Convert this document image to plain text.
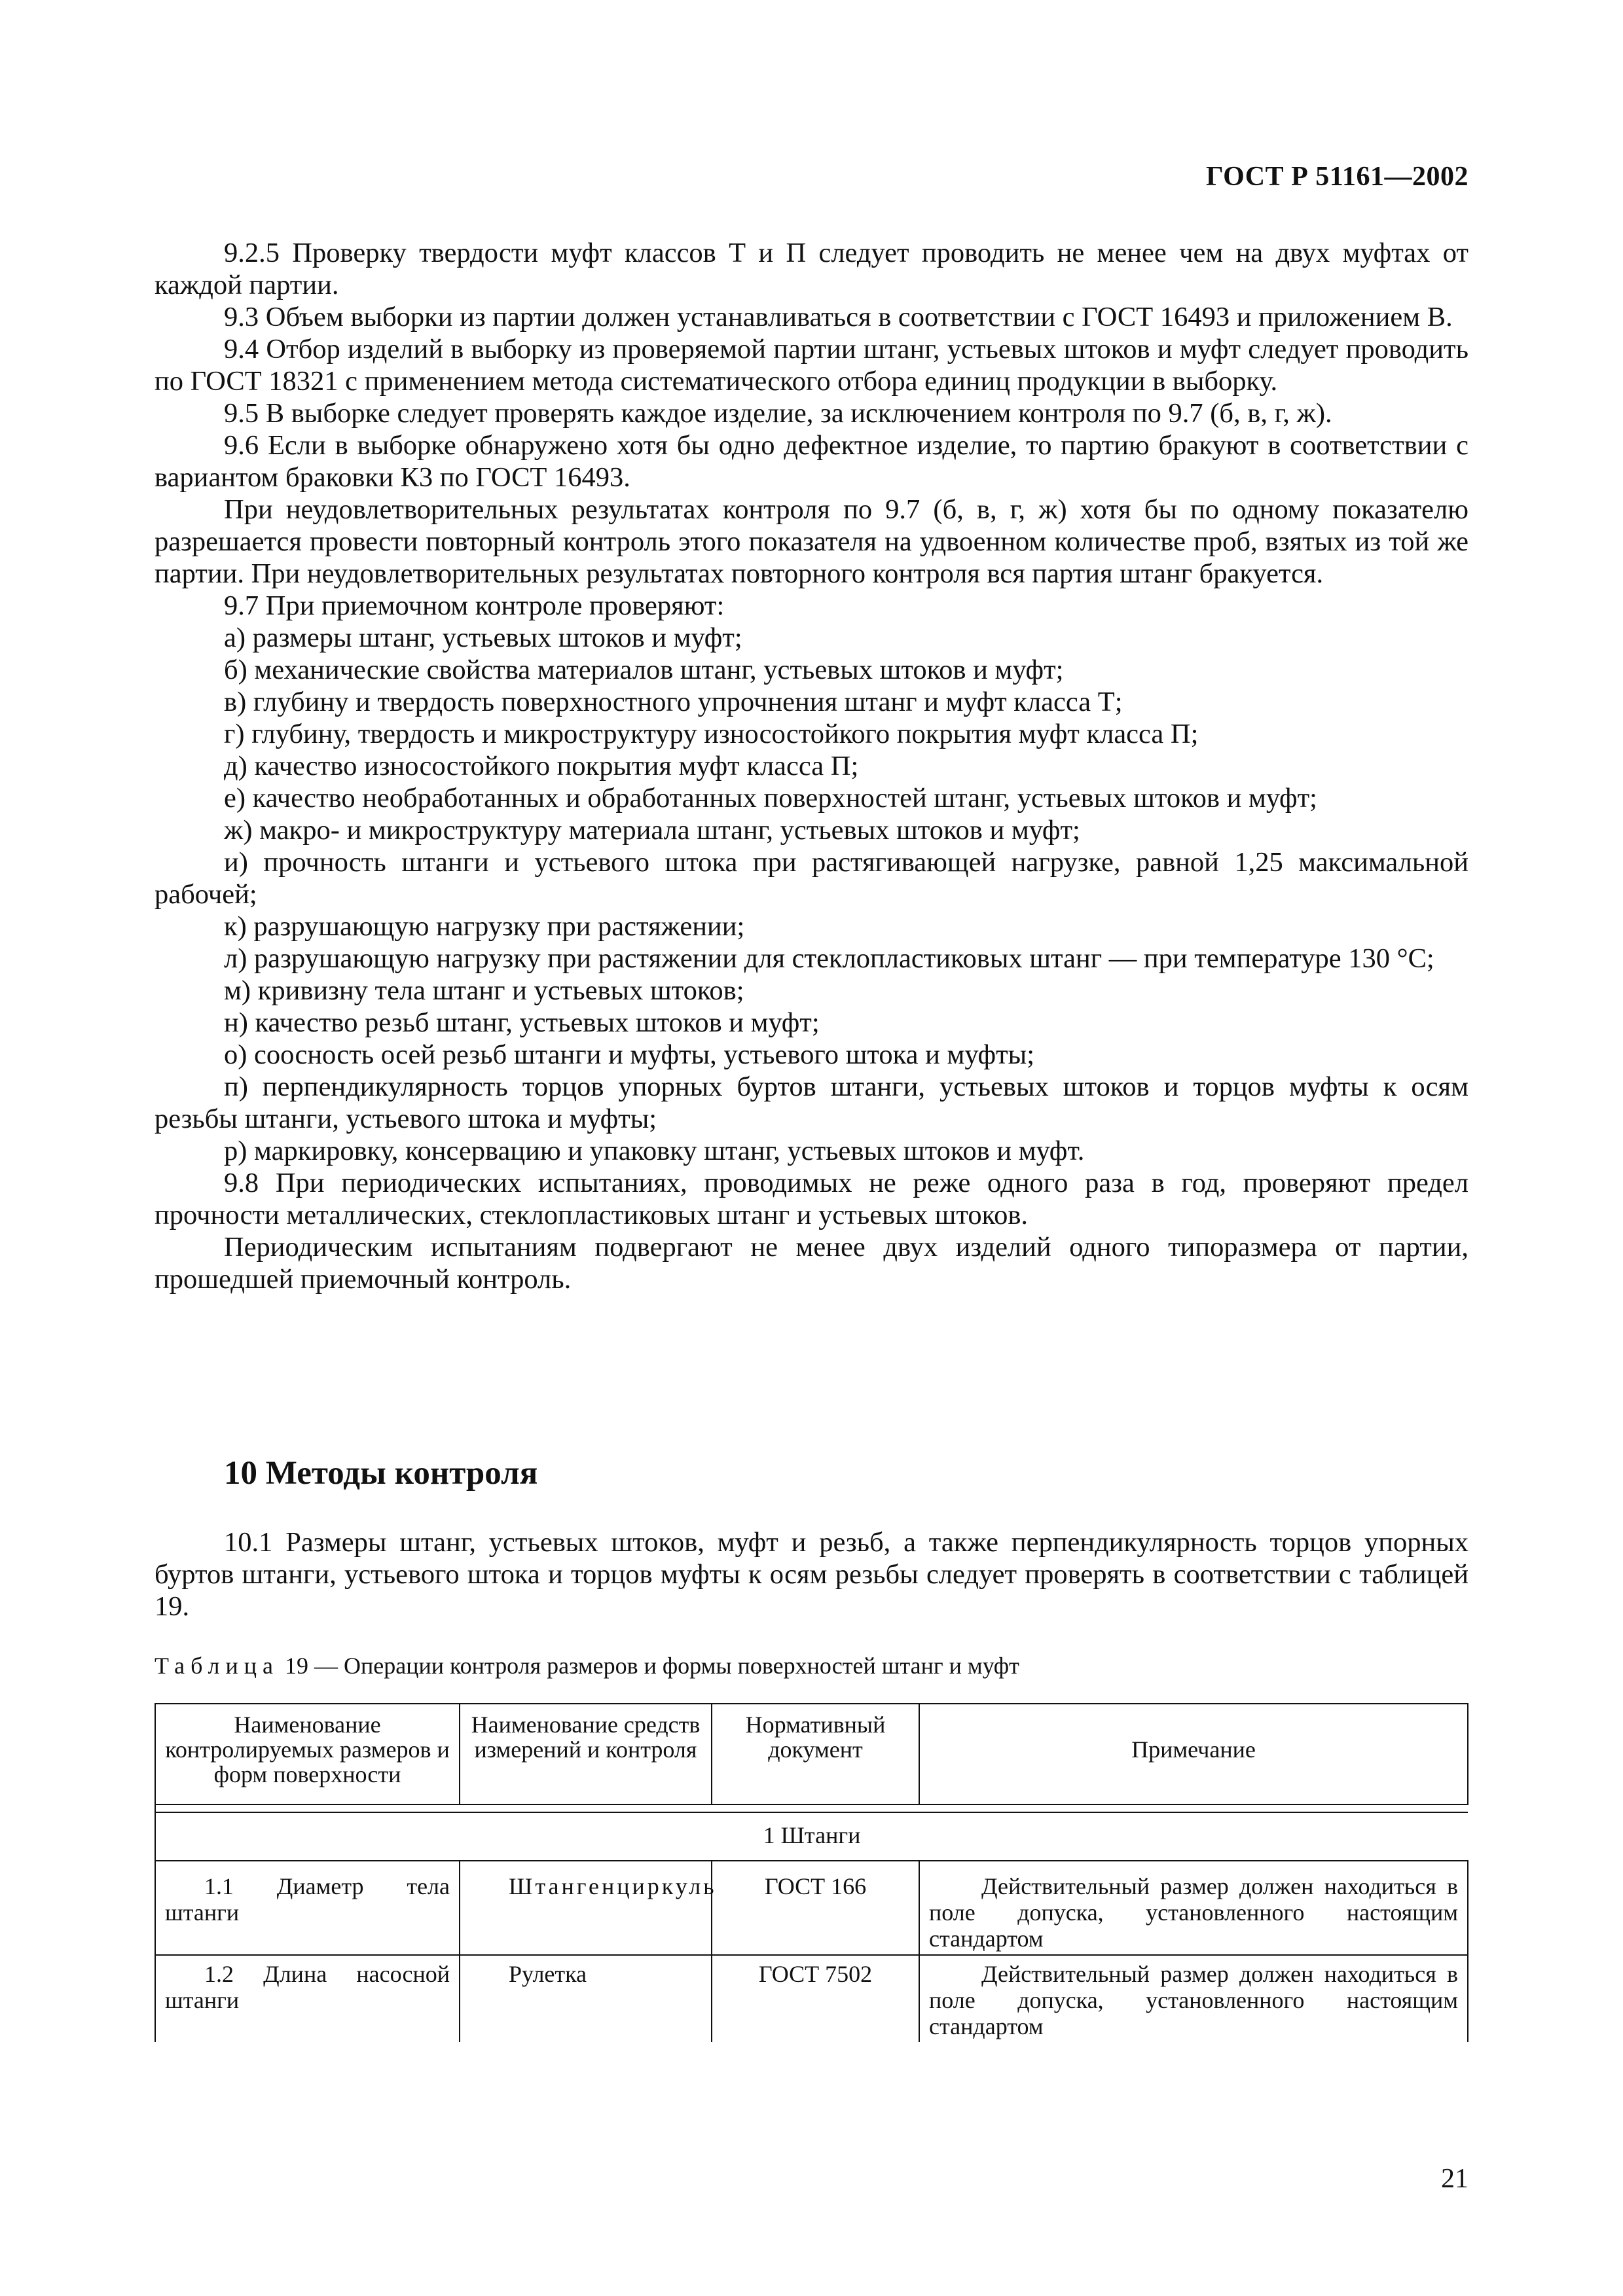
ГОСТ Р 51161—2002

9.2.5 Проверку твердости муфт классов Т и П следует проводить не менее чем на двух муфтах от каждой партии.

9.3 Объем выборки из партии должен устанавливаться в соответствии с ГОСТ 16493 и приложением В.

9.4 Отбор изделий в выборку из проверяемой партии штанг, устьевых штоков и муфт следует проводить по ГОСТ 18321 с применением метода систематического отбора единиц продукции в выборку.

9.5 В выборке следует проверять каждое изделие, за исключением контроля по 9.7 (б, в, г, ж).

9.6 Если в выборке обнаружено хотя бы одно дефектное изделие, то партию бракуют в соответствии с вариантом браковки К3 по ГОСТ 16493.

При неудовлетворительных результатах контроля по 9.7 (б, в, г, ж) хотя бы по одному показателю разрешается провести повторный контроль этого показателя на удвоенном количестве проб, взятых из той же партии. При неудовлетворительных результатах повторного контроля вся партия штанг бракуется.

9.7 При приемочном контроле проверяют:

а) размеры штанг, устьевых штоков и муфт;

б) механические свойства материалов штанг, устьевых штоков и муфт;

в) глубину и твердость поверхностного упрочнения штанг и муфт класса Т;

г) глубину, твердость и микроструктуру износостойкого покрытия муфт класса П;

д) качество износостойкого покрытия муфт класса П;

е) качество необработанных и обработанных поверхностей штанг, устьевых штоков и муфт;

ж) макро- и микроструктуру материала штанг, устьевых штоков и муфт;

и) прочность штанги и устьевого штока при растягивающей нагрузке, равной 1,25 максимальной рабочей;

к) разрушающую нагрузку при растяжении;

л) разрушающую нагрузку при растяжении для стеклопластиковых штанг — при температуре 130 °С;

м) кривизну тела штанг и устьевых штоков;

н) качество резьб штанг, устьевых штоков и муфт;

о) соосность осей резьб штанги и муфты, устьевого штока и муфты;

п) перпендикулярность торцов упорных буртов штанги, устьевых штоков и торцов муфты к осям резьбы штанги, устьевого штока и муфты;

р) маркировку, консервацию и упаковку штанг, устьевых штоков и муфт.

9.8 При периодических испытаниях, проводимых не реже одного раза в год, проверяют предел прочности металлических, стеклопластиковых штанг и устьевых штоков.

Периодическим испытаниям подвергают не менее двух изделий одного типоразмера от партии, прошедшей приемочный контроль.

10 Методы контроля

10.1 Размеры штанг, устьевых штоков, муфт и резьб, а также перпендикулярность торцов упорных буртов штанги, устьевого штока и торцов муфты к осям резьбы следует проверять в соответствии с таблицей 19.

Таблица 19 — Операции контроля размеров и формы поверхностей штанг и муфт
Наименование контролируемых размеров и форм поверхности	Наименование средств измерений и контроля	Нормативный документ	Примечание

1 Штанги			
1.1 Диаметр тела штанги	Штангенциркуль	ГОСТ 166	Действительный размер должен находиться в поле допуска, установленного настоящим стандартом
1.2 Длина насосной штанги	Рулетка	ГОСТ 7502	Действительный размер должен находиться в поле допуска, установленного настоящим стандартом
21
